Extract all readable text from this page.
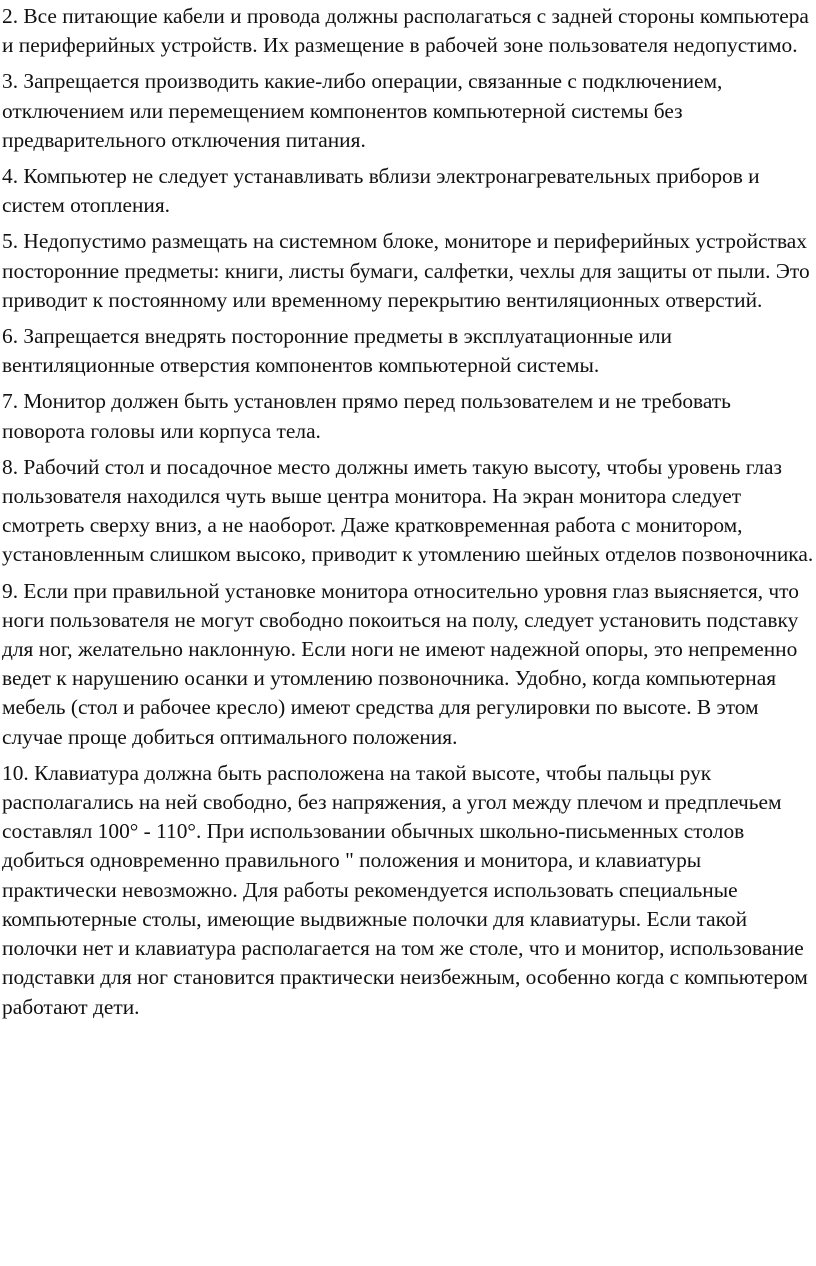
2. Все питающие кабели и провода должны располагаться с задней стороны компьютера и периферийных устройств. Их размещение в рабочей зоне пользователя недопустимо.

3. Запрещается производить какие-либо операции, связанные с подключением, отключением или перемещением компонентов компьютерной системы без предварительного отключения питания.

4. Компьютер не следует устанавливать вблизи электронагревательных приборов и систем отопления.

5. Недопустимо размещать на системном блоке, мониторе и периферийных устройствах посторонние предметы: книги, листы бумаги, салфетки, чехлы для защиты от пыли. Это приводит к постоянному или временному перекрытию вентиляционных отверстий.

6. Запрещается внедрять посторонние предметы в эксплуатационные или вентиляционные отверстия компонентов компьютерной системы.

7. Монитор должен быть установлен прямо перед пользователем и не требовать поворота головы или корпуса тела.

8. Рабочий стол и посадочное место должны иметь такую высоту, чтобы уровень глаз пользователя находился чуть выше центра монитора. На экран монитора следует смотреть сверху вниз, а не наоборот. Даже кратковременная работа с монитором, установленным слишком высоко, приводит к утомлению шейных отделов позвоночника.

9. Если при правильной установке монитора относительно уровня глаз выясняется, что ноги пользователя не могут свободно покоиться на полу, следует установить подставку для ног, желательно наклонную. Если ноги не имеют надежной опоры, это непременно ведет к нарушению осанки и утомлению позвоночника. Удобно, когда компьютерная мебель (стол и рабочее кресло) имеют средства для регулировки по высоте. В этом случае проще добиться оптимального положения.

10. Клавиатура должна быть расположена на такой высоте, чтобы пальцы рук располагались на ней свободно, без напряжения, а угол между плечом и предплечьем составлял 100° - 110°. При использовании обычных школьно-письменных столов добиться одновременно правильного " положения и монитора, и клавиатуры практически невозможно. Для работы рекомендуется использовать специальные компьютерные столы, имеющие выдвижные полочки для клавиатуры. Если такой полочки нет и клавиатура располагается на том же столе, что и монитор, использование подставки для ног становится практически неизбежным, особенно когда с компьютером работают дети.
